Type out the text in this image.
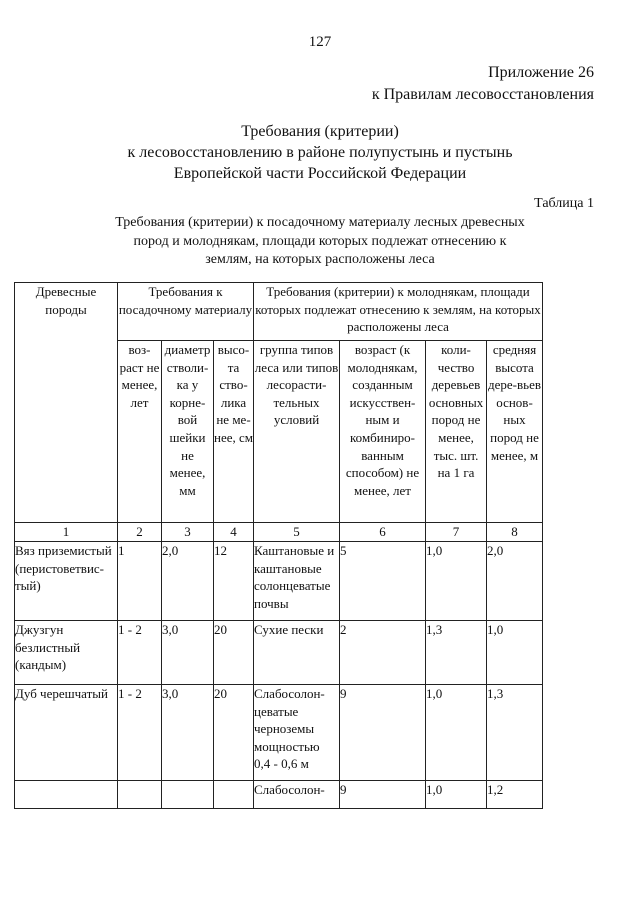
127
Приложение 26
к Правилам лесовосстановления
Требования (критерии)
к лесовосстановлению в районе полупустынь и пустынь
Европейской части Российской Федерации
Таблица 1
Требования (критерии) к посадочному материалу лесных древесных пород и молоднякам, площади которых подлежат отнесению к землям, на которых расположены леса
Древесные породы	Требования к посадочному материалу			Требования (критерии) к молоднякам, площади которых подлежат отнесению к землям, на которых расположены леса			
	воз-раст не менее, лет	диаметр стволи-ка у корне-вой шейки не менее, мм	высо-та ство-лика не ме-нее, см	группа типов леса или типов лесорасти-тельных условий	возраст (к молоднякам, созданным искусствен-ным и комбиниро-ванным способом) не менее, лет	коли-чество деревьев основных пород не менее, тыс. шт. на 1 га	средняя высота дере-вьев основ-ных пород не менее, м
1	2	3	4	5	6	7	8
Вяз приземистый (перистоветвис-тый)	1	2,0	12	Каштановые и каштановые солонцеватые почвы	5	1,0	2,0
Джузгун безлистный (кандым)	1 - 2	3,0	20	Сухие пески	2	1,3	1,0
Дуб черешчатый	1 - 2	3,0	20	Слабосолон-цеватые черноземы мощностью 0,4 - 0,6 м	9	1,0	1,3
				Слабосолон-	9	1,0	1,2
